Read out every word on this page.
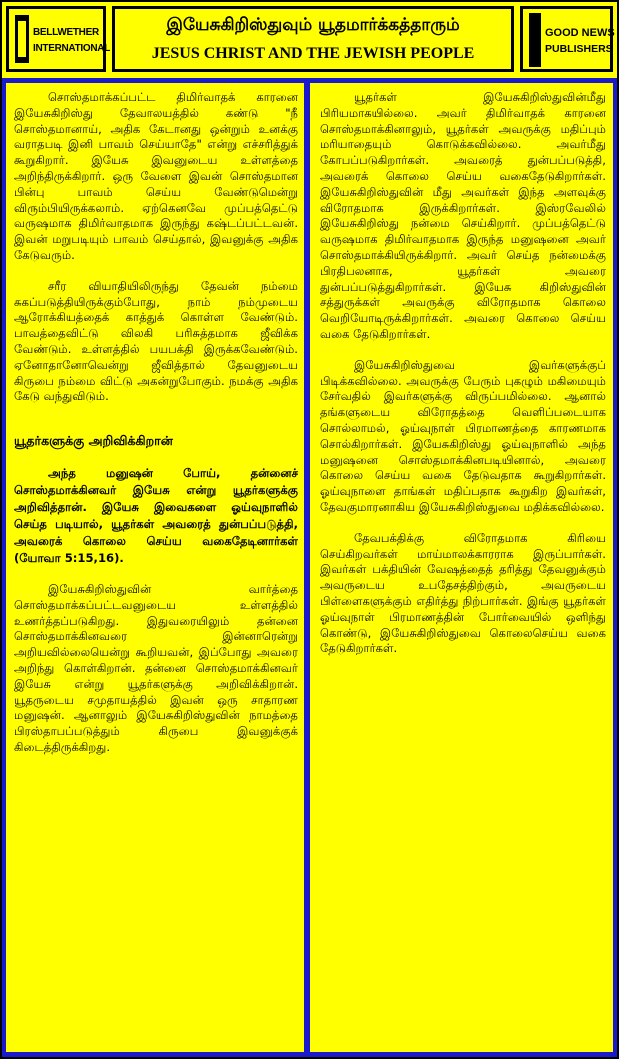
BELLWETHER
INTERNATIONAL
இயேசுகிறிஸ்துவும் யூதமார்க்கத்தாரும்
JESUS CHRIST AND THE JEWISH PEOPLE
GOOD NEWS
PUBLISHERS

சொஸ்தமாக்கப்பட்ட திமிர்வாதக் காரனை இயேசுகிறிஸ்து தேவாலயத்தில் கண்டு "நீ சொஸ்தமானாய், அதிக கேடானது ஒன்றும் உனக்கு வராதபடி இனி பாவம் செய்யாதே" என்று எச்சரித்துக் கூறுகிறார். இயேசு இவனுடைய உள்ளத்தை அறிந்திருக்கிறார். ஒரு வேளை இவன் சொஸ்தமான பின்பு பாவம் செய்ய வேண்டுமென்று விரும்பியிருக்கலாம். ஏற்கெனவே முப்பத்தெட்டு வருஷமாக திமிர்வாதமாக இருந்து கஷ்டப்பட்டவன். இவன் மறுபடியும் பாவம் செய்தால், இவனுக்கு அதிக கேடுவரும்.

சரீர வியாதியிலிருந்து தேவன் நம்மை சுகப்படுத்தியிருக்கும்போது, நாம் நம்முடைய ஆரோக்கியத்தைக் காத்துக் கொள்ள வேண்டும். பாவத்தைவிட்டு விலகி பரிசுத்தமாக ஜீவிக்க வேண்டும். உள்ளத்தில் பயபக்தி இருக்கவேண்டும். ஏனோதானோவென்று ஜீவித்தால் தேவனுடைய கிருபை நம்மை விட்டு அகன்றுபோகும். நமக்கு அதிக கேடு வந்துவிடும்.

யூதர்களுக்கு அறிவிக்கிறான்

அந்த மனுஷன் போய், தன்னைச் சொஸ்தமாக்கினவர் இயேசு என்று யூதர்களுக்கு அறிவித்தான். இயேசு இவைகளை ஓய்வுநாளில் செய்த படியால், யூதர்கள் அவரைத் துன்பப்படுத்தி, அவரைக் கொலை செய்ய வகைதேடினார்கள் (யோவா 5:15,16).

இயேசுகிறிஸ்துவின் வார்த்தை சொஸ்தமாக்கப்பட்டவனுடைய உள்ளத்தில் உணர்த்தப்படுகிறது. இதுவரையிலும் தன்னை சொஸ்தமாக்கினவரை இன்னாரென்று அறியவில்லையென்று கூறியவன், இப்போது அவரை அறிந்து கொள்கிறான். தன்னை சொஸ்தமாக்கினவர் இயேசு என்று யூதர்களுக்கு அறிவிக்கிறான். யூதருடைய சமுதாயத்தில் இவன் ஒரு சாதாரண மனுஷன். ஆனாலும் இயேசுகிறிஸ்துவின் நாமத்தை பிரஸ்தாபப்படுத்தும் கிருபை இவனுக்குக் கிடைத்திருக்கிறது.

யூதர்கள் இயேசுகிறிஸ்துவின்மீது பிரியமாகயில்லை. அவர் திமிர்வாதக் காரனை சொஸ்தமாக்கினாலும், யூதர்கள் அவருக்கு மதிப்பும் மரியாதையும் கொடுக்கவில்லை. அவர்மீது கோபப்படுகிறார்கள். அவரைத் துன்பப்படுத்தி, அவரைக் கொலை செய்ய வகைதேடுகிறார்கள். இயேசுகிறிஸ்துவின் மீது அவர்கள் இந்த அளவுக்கு விரோதமாக இருக்கிறார்கள். இஸ்ரவேலில் இயேசுகிறிஸ்து நன்மை செய்கிறார். முப்பத்தெட்டு வருஷமாக திமிர்வாதமாக இருந்த மனுஷனை அவர் சொஸ்தமாக்கியிருக்கிறார். அவர் செய்த நன்மைக்கு பிரதிபலனாக, யூதர்கள் அவரை துன்பப்படுத்துகிறார்கள். இயேசு கிறிஸ்துவின் சத்துருக்கள் அவருக்கு விரோதமாக கொலை வெறியோடிருக்கிறார்கள். அவரை கொலை செய்ய வகை தேடுகிறார்கள்.

இயேசுகிறிஸ்துவை இவர்களுக்குப் பிடிக்கவில்லை. அவருக்கு பேரும் புகழும் மகிமையும் சேர்வதில் இவர்களுக்கு விருப்பமில்லை. ஆனால் தங்களுடைய விரோதத்தை வெளிப்படையாக சொல்லாமல், ஓய்வுநாள் பிரமாணத்தை காரணமாக சொல்கிறார்கள். இயேசுகிறிஸ்து ஓய்வுநாளில் அந்த மனுஷனை சொஸ்தமாக்கினபடியினால், அவரை கொலை செய்ய வகை தேடுவதாக கூறுகிறார்கள். ஓய்வுநாளை தாங்கள் மதிப்பதாக கூறுகிற இவர்கள், தேவகுமாரனாகிய இயேசுகிறிஸ்துவை மதிக்கவில்லை.

தேவபக்திக்கு விரோதமாக கிரியை செய்கிறவர்கள் மாய்மாலக்காரராக இருப்பார்கள். இவர்கள் பக்தியின் வேஷத்தைத் தரித்து தேவனுக்கும் அவருடைய உபதேசத்திற்கும், அவருடைய பிள்ளைகளுக்கும் எதிர்த்து நிற்பார்கள். இங்கு யூதர்கள் ஓய்வுநாள் பிரமாணத்தின் போர்வையில் ஒளிந்து கொண்டு, இயேசுகிறிஸ்துவை கொலைசெய்ய வகை தேடுகிறார்கள்.
